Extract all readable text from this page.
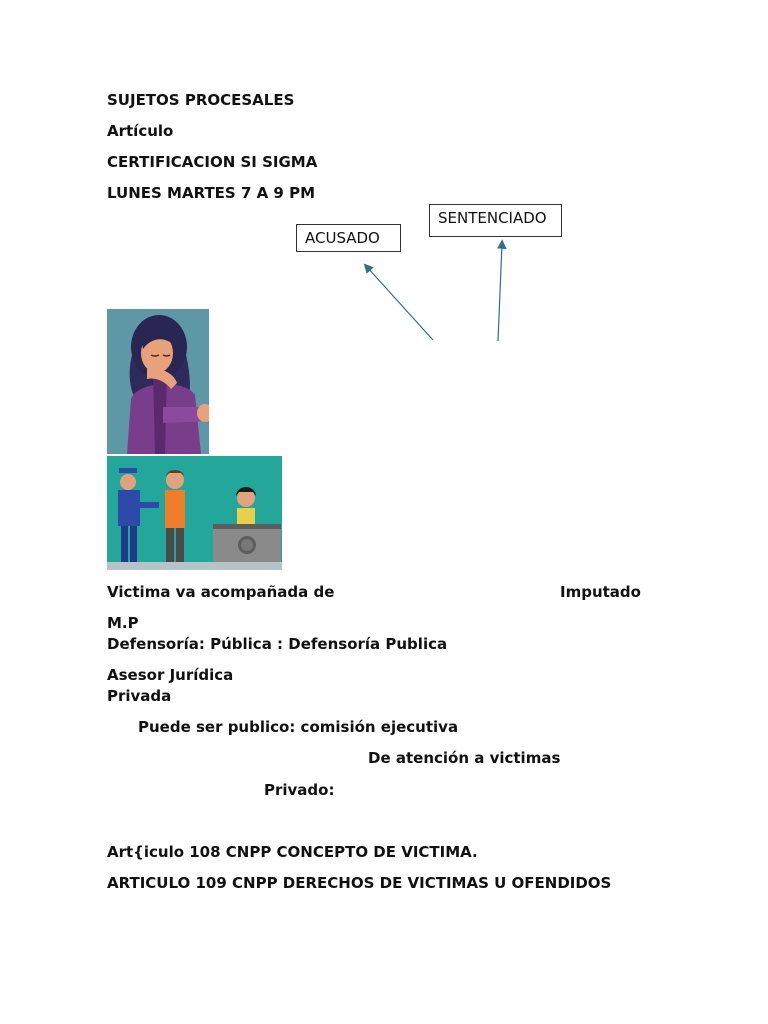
SUJETOS PROCESALES
Artículo
CERTIFICACION SI SIGMA
LUNES MARTES 7 A 9 PM
SENTENCIADO
ACUSADO
Victima va acompañada de	Imputado
M.P
Defensoría: Pública : Defensoría Publica
Asesor Jurídica
Privada
Puede ser publico: comisión ejecutiva
De atención a victimas
Privado:
Art{iculo 108 CNPP CONCEPTO DE VICTIMA.
ARTICULO 109 CNPP DERECHOS DE VICTIMAS U OFENDIDOS
